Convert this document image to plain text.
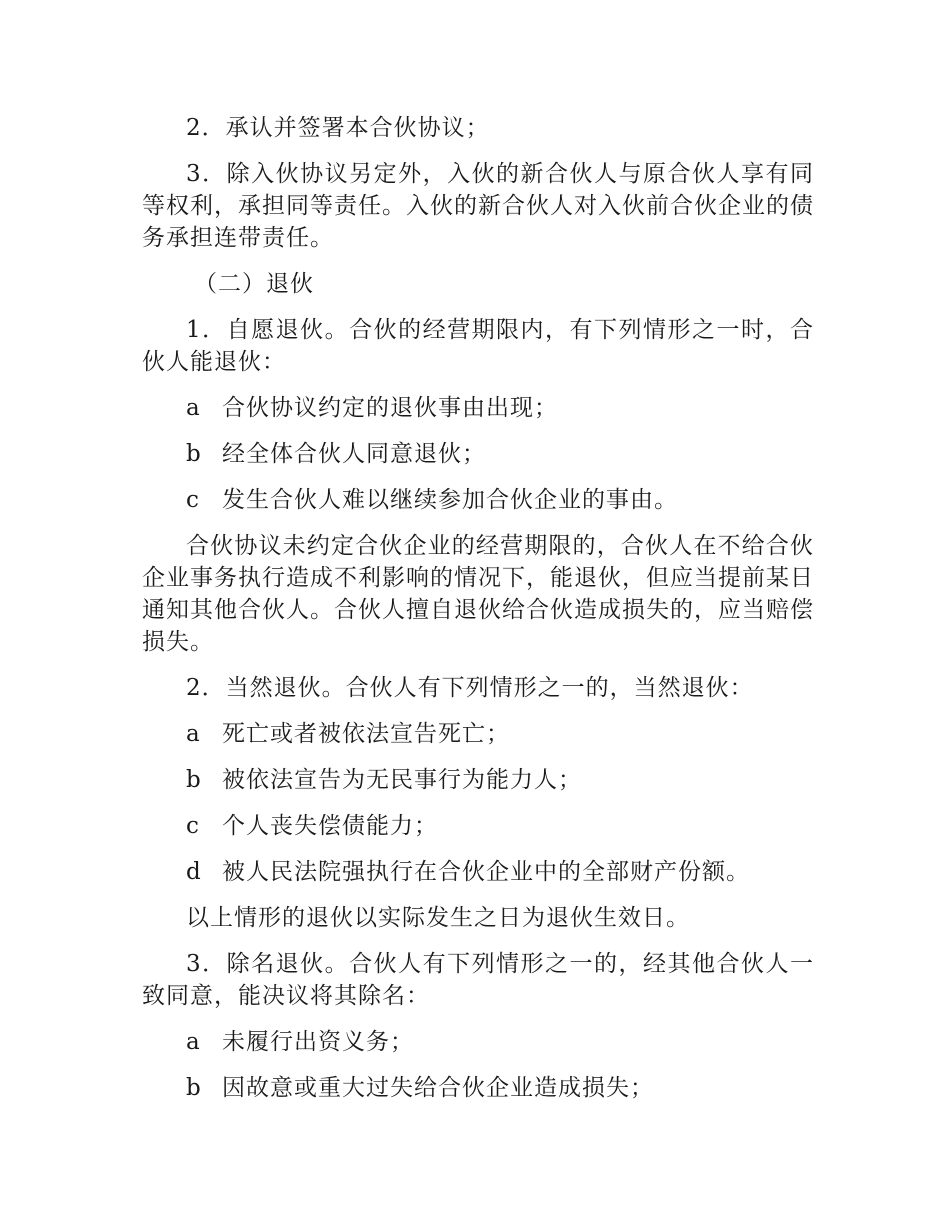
2．承认并签署本合伙协议；

3．除入伙协议另定外，入伙的新合伙人与原合伙人享有同等权利，承担同等责任。入伙的新合伙人对入伙前合伙企业的债务承担连带责任。

（二）退伙

1．自愿退伙。合伙的经营期限内，有下列情形之一时，合伙人能退伙：

a 合伙协议约定的退伙事由出现；
b 经全体合伙人同意退伙；
c 发生合伙人难以继续参加合伙企业的事由。

合伙协议未约定合伙企业的经营期限的，合伙人在不给合伙企业事务执行造成不利影响的情况下，能退伙，但应当提前某日通知其他合伙人。合伙人擅自退伙给合伙造成损失的，应当赔偿损失。

2．当然退伙。合伙人有下列情形之一的，当然退伙：

a 死亡或者被依法宣告死亡；
b 被依法宣告为无民事行为能力人；
c 个人丧失偿债能力；
d 被人民法院强执行在合伙企业中的全部财产份额。

以上情形的退伙以实际发生之日为退伙生效日。

3．除名退伙。合伙人有下列情形之一的，经其他合伙人一致同意，能决议将其除名：

a 未履行出资义务；
b 因故意或重大过失给合伙企业造成损失；
